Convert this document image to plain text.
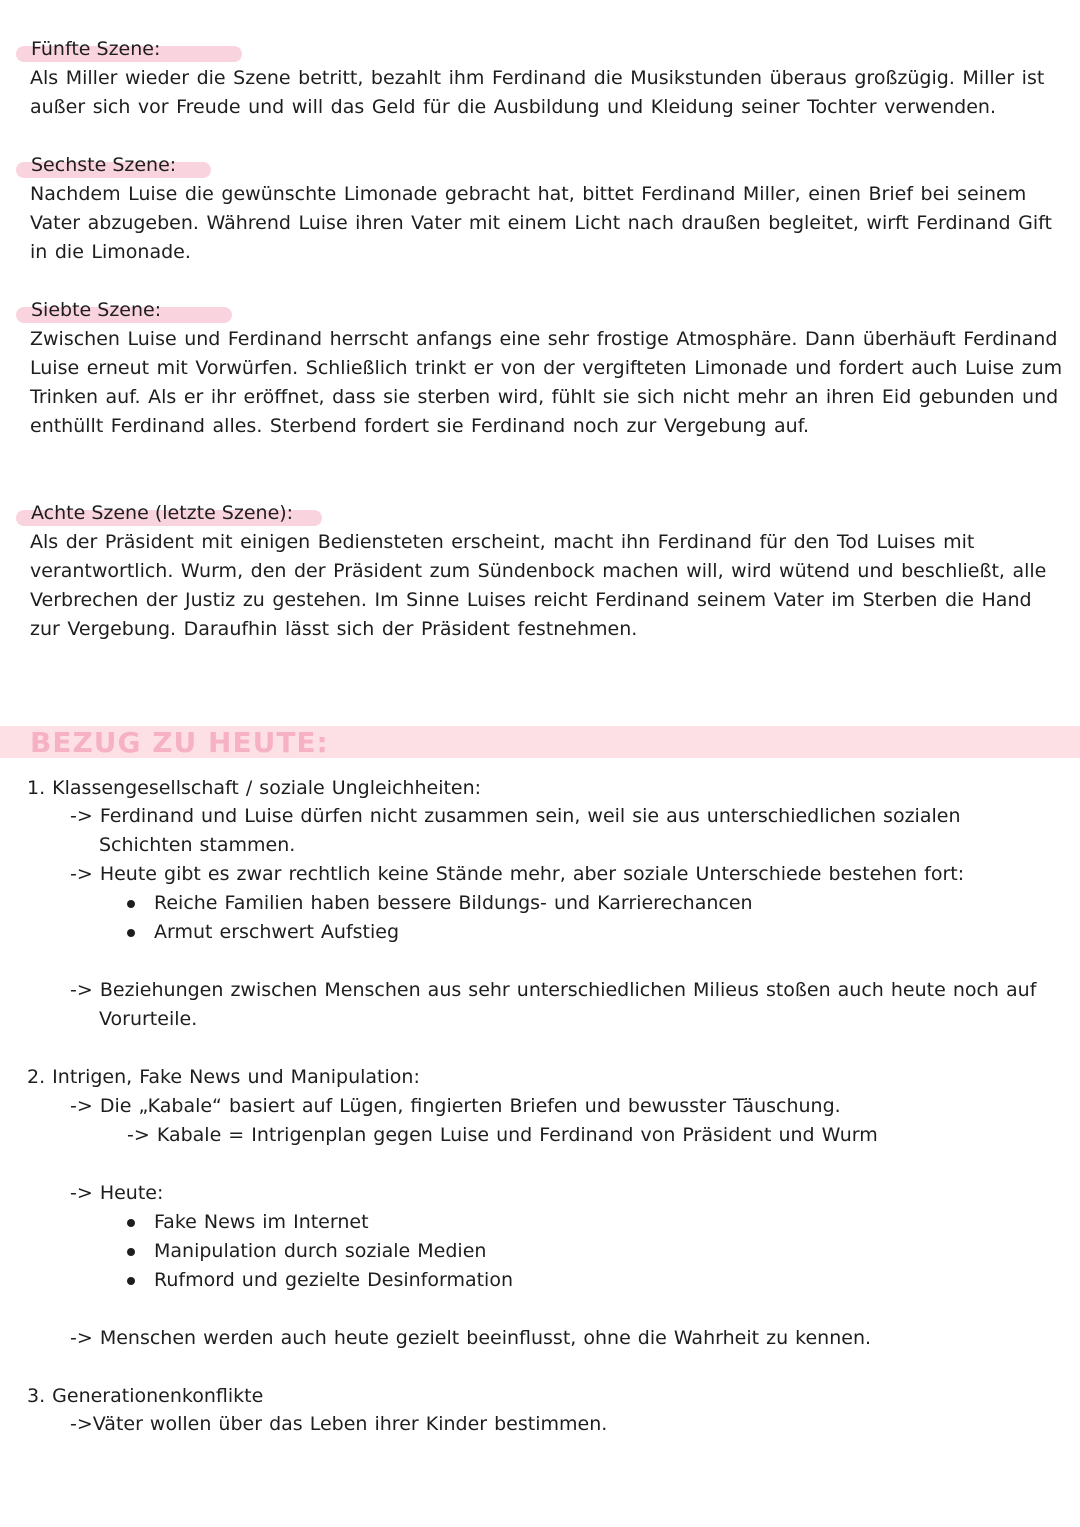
Fünfte Szene:

Als Miller wieder die Szene betritt, bezahlt ihm Ferdinand die Musikstunden überaus großzügig. Miller ist außer sich vor Freude und will das Geld für die Ausbildung und Kleidung seiner Tochter verwenden.

Sechste Szene:

Nachdem Luise die gewünschte Limonade gebracht hat, bittet Ferdinand Miller, einen Brief bei seinem Vater abzugeben. Während Luise ihren Vater mit einem Licht nach draußen begleitet, wirft Ferdinand Gift in die Limonade.

Siebte Szene:

Zwischen Luise und Ferdinand herrscht anfangs eine sehr frostige Atmosphäre. Dann überhäuft Ferdinand Luise erneut mit Vorwürfen. Schließlich trinkt er von der vergifteten Limonade und fordert auch Luise zum Trinken auf. Als er ihr eröffnet, dass sie sterben wird, fühlt sie sich nicht mehr an ihren Eid gebunden und enthüllt Ferdinand alles. Sterbend fordert sie Ferdinand noch zur Vergebung auf.

Achte Szene (letzte Szene):

Als der Präsident mit einigen Bediensteten erscheint, macht ihn Ferdinand für den Tod Luises mit verantwortlich. Wurm, den der Präsident zum Sündenbock machen will, wird wütend und beschließt, alle Verbrechen der Justiz zu gestehen. Im Sinne Luises reicht Ferdinand seinem Vater im Sterben die Hand zur Vergebung. Daraufhin lässt sich der Präsident festnehmen.

BEZUG ZU HEUTE:
1. Klassengesellschaft / soziale Ungleichheiten:
-> Ferdinand und Luise dürfen nicht zusammen sein, weil sie aus unterschiedlichen sozialen
Schichten stammen.
-> Heute gibt es zwar rechtlich keine Stände mehr, aber soziale Unterschiede bestehen fort:
Reiche Familien haben bessere Bildungs- und Karrierechancen
Armut erschwert Aufstieg
-> Beziehungen zwischen Menschen aus sehr unterschiedlichen Milieus stoßen auch heute noch auf
Vorurteile.
2. Intrigen, Fake News und Manipulation:
-> Die „Kabale“ basiert auf Lügen, fingierten Briefen und bewusster Täuschung.
-> Kabale = Intrigenplan gegen Luise und Ferdinand von Präsident und Wurm
-> Heute:
Fake News im Internet
Manipulation durch soziale Medien
Rufmord und gezielte Desinformation
-> Menschen werden auch heute gezielt beeinflusst, ohne die Wahrheit zu kennen.
3. Generationenkonflikte
->Väter wollen über das Leben ihrer Kinder bestimmen.
